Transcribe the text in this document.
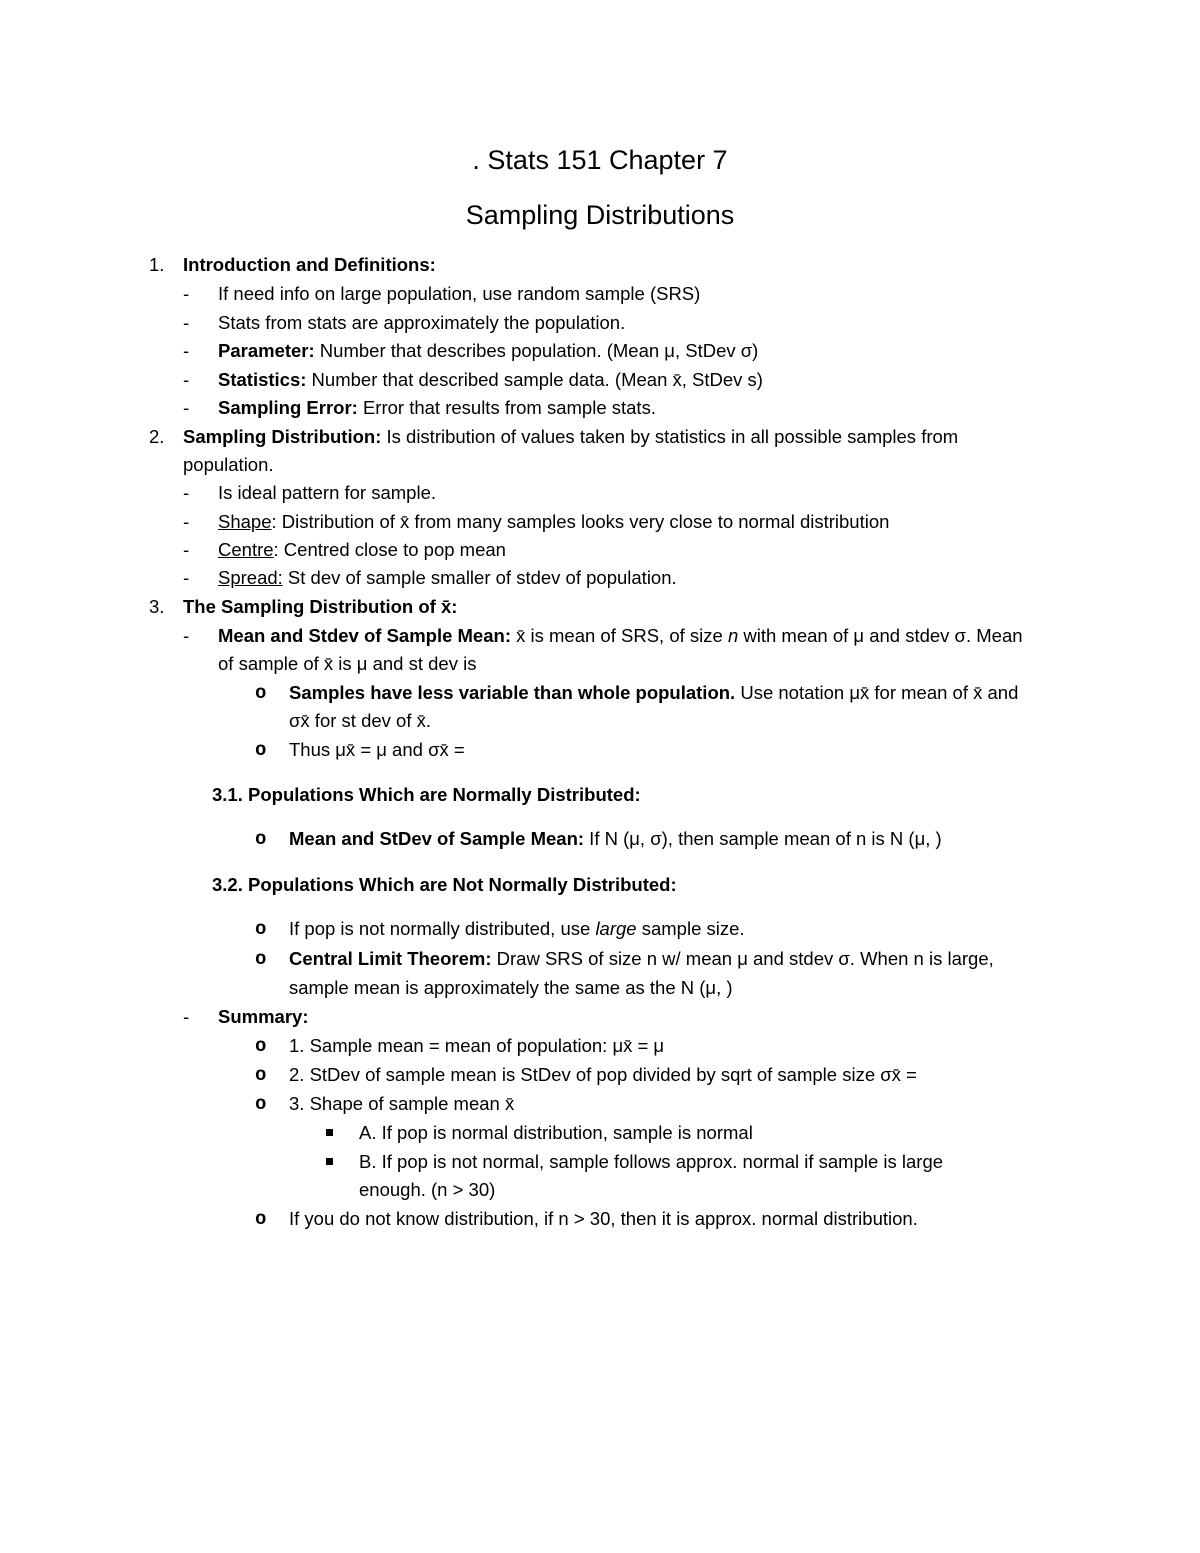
. Stats 151 Chapter 7
Sampling Distributions
1. Introduction and Definitions:
- If need info on large population, use random sample (SRS)
- Stats from stats are approximately the population.
- Parameter: Number that describes population. (Mean μ, StDev σ)
- Statistics: Number that described sample data. (Mean x̄, StDev s)
- Sampling Error: Error that results from sample stats.
2. Sampling Distribution: Is distribution of values taken by statistics in all possible samples from
population.
- Is ideal pattern for sample.
- Shape: Distribution of x̄ from many samples looks very close to normal distribution
- Centre: Centred close to pop mean
- Spread: St dev of sample smaller of stdev of population.
3. The Sampling Distribution of x̄:
- Mean and Stdev of Sample Mean: x̄ is mean of SRS, of size n with mean of μ and stdev σ. Mean
of sample of x̄ is μ and st dev is
o Samples have less variable than whole population. Use notation μx̄ for mean of x̄ and
σx̄ for st dev of x̄.
o Thus μx̄ = μ and σx̄ =
3.1. Populations Which are Normally Distributed:
o Mean and StDev of Sample Mean: If N (μ, σ), then sample mean of n is N (μ, )
3.2. Populations Which are Not Normally Distributed:
o If pop is not normally distributed, use large sample size.
o Central Limit Theorem: Draw SRS of size n w/ mean μ and stdev σ. When n is large,
sample mean is approximately the same as the N (μ, )
- Summary:
o 1. Sample mean = mean of population: μx̄ = μ
o 2. StDev of sample mean is StDev of pop divided by sqrt of sample size σx̄ =
o 3. Shape of sample mean x̄
A. If pop is normal distribution, sample is normal
B. If pop is not normal, sample follows approx. normal if sample is large
enough. (n > 30)
o If you do not know distribution, if n > 30, then it is approx. normal distribution.
